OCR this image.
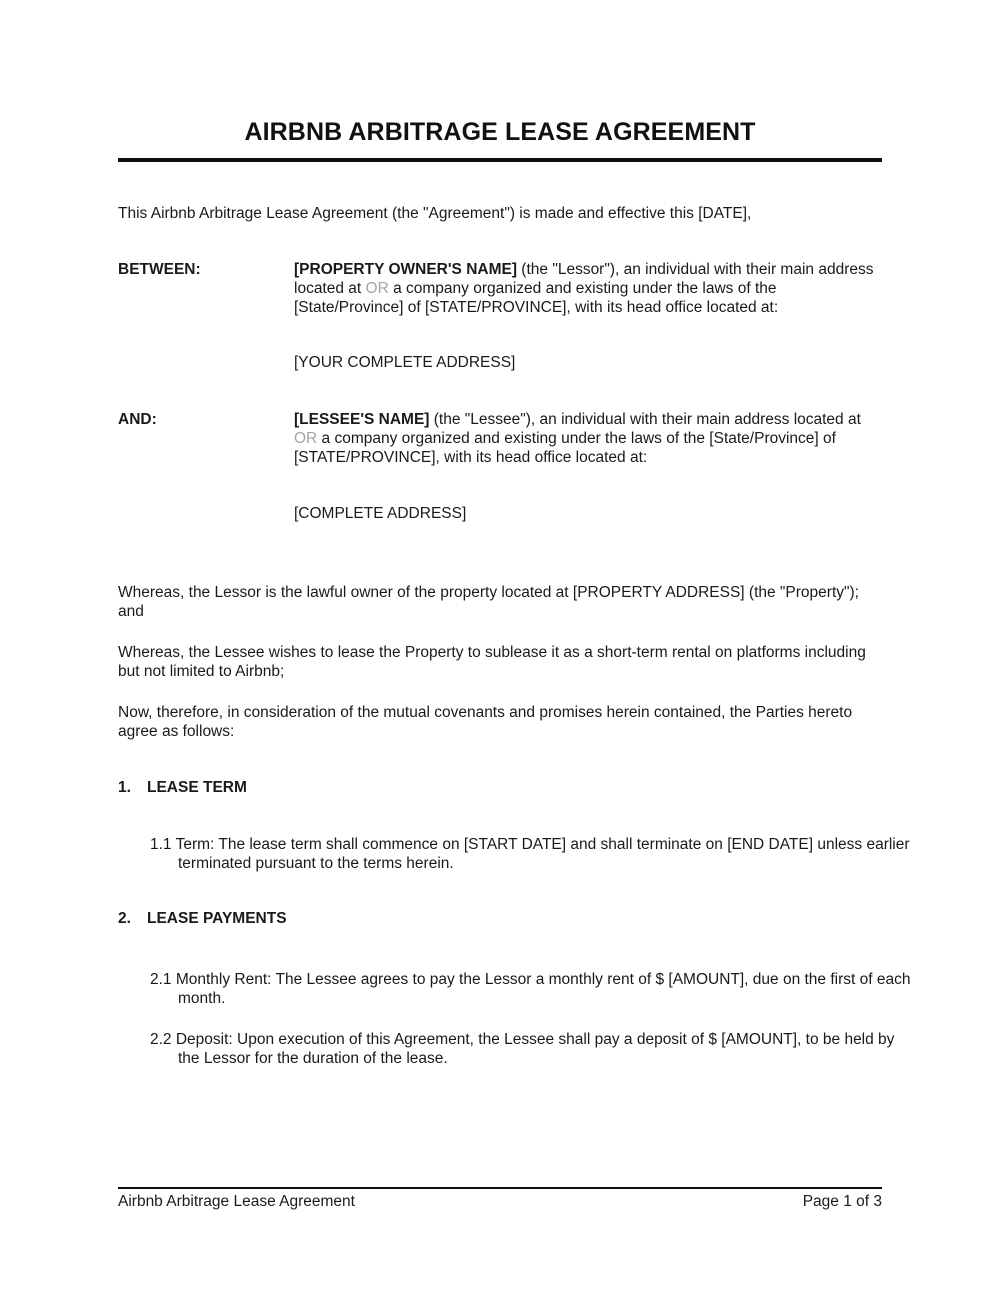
AIRBNB ARBITRAGE LEASE AGREEMENT
This Airbnb Arbitrage Lease Agreement (the "Agreement") is made and effective this [DATE],
BETWEEN:	[PROPERTY OWNER'S NAME] (the "Lessor"), an individual with their main address located at OR a company organized and existing under the laws of the [State/Province] of [STATE/PROVINCE], with its head office located at:
[YOUR COMPLETE ADDRESS]
AND:	[LESSEE'S NAME] (the "Lessee"), an individual with their main address located at OR a company organized and existing under the laws of the [State/Province] of [STATE/PROVINCE], with its head office located at:
[COMPLETE ADDRESS]
Whereas, the Lessor is the lawful owner of the property located at [PROPERTY ADDRESS] (the "Property"); and
Whereas, the Lessee wishes to lease the Property to sublease it as a short-term rental on platforms including but not limited to Airbnb;
Now, therefore, in consideration of the mutual covenants and promises herein contained, the Parties hereto agree as follows:
1. LEASE TERM
1.1 Term: The lease term shall commence on [START DATE] and shall terminate on [END DATE] unless earlier terminated pursuant to the terms herein.
2. LEASE PAYMENTS
2.1 Monthly Rent: The Lessee agrees to pay the Lessor a monthly rent of $ [AMOUNT], due on the first of each month.
2.2 Deposit: Upon execution of this Agreement, the Lessee shall pay a deposit of $ [AMOUNT], to be held by the Lessor for the duration of the lease.
Airbnb Arbitrage Lease Agreement	Page 1 of 3
